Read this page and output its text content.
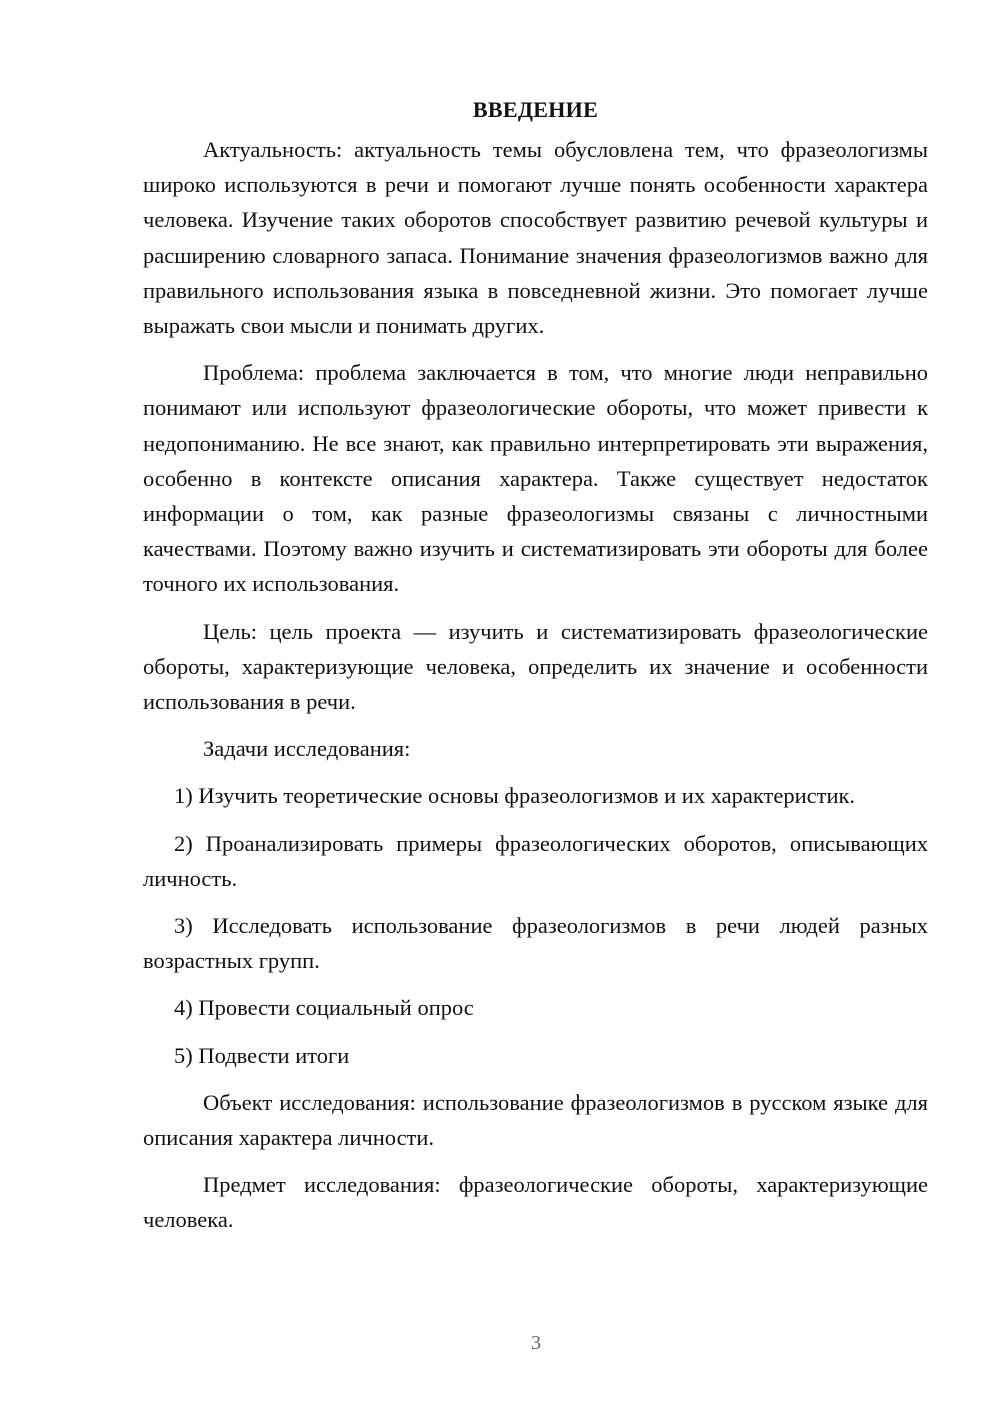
ВВЕДЕНИЕ

Актуальность: актуальность темы обусловлена тем, что фразеологизмы широко используются в речи и помогают лучше понять особенности характера человека. Изучение таких оборотов способствует развитию речевой культуры и расширению словарного запаса. Понимание значения фразеологизмов важно для правильного использования языка в повседневной жизни. Это помогает лучше выражать свои мысли и понимать других.

Проблема: проблема заключается в том, что многие люди неправильно понимают или используют фразеологические обороты, что может привести к недопониманию. Не все знают, как правильно интерпретировать эти выражения, особенно в контексте описания характера. Также существует недостаток информации о том, как разные фразеологизмы связаны с личностными качествами. Поэтому важно изучить и систематизировать эти обороты для более точного их использования.

Цель: цель проекта — изучить и систематизировать фразеологические обороты, характеризующие человека, определить их значение и особенности использования в речи.

Задачи исследования:

1) Изучить теоретические основы фразеологизмов и их характеристик.

2) Проанализировать примеры фразеологических оборотов, описывающих личность.

3) Исследовать использование фразеологизмов в речи людей разных возрастных групп.

4) Провести социальный опрос

5) Подвести итоги

Объект исследования: использование фразеологизмов в русском языке для описания характера личности.

Предмет исследования: фразеологические обороты, характеризующие человека.

3
